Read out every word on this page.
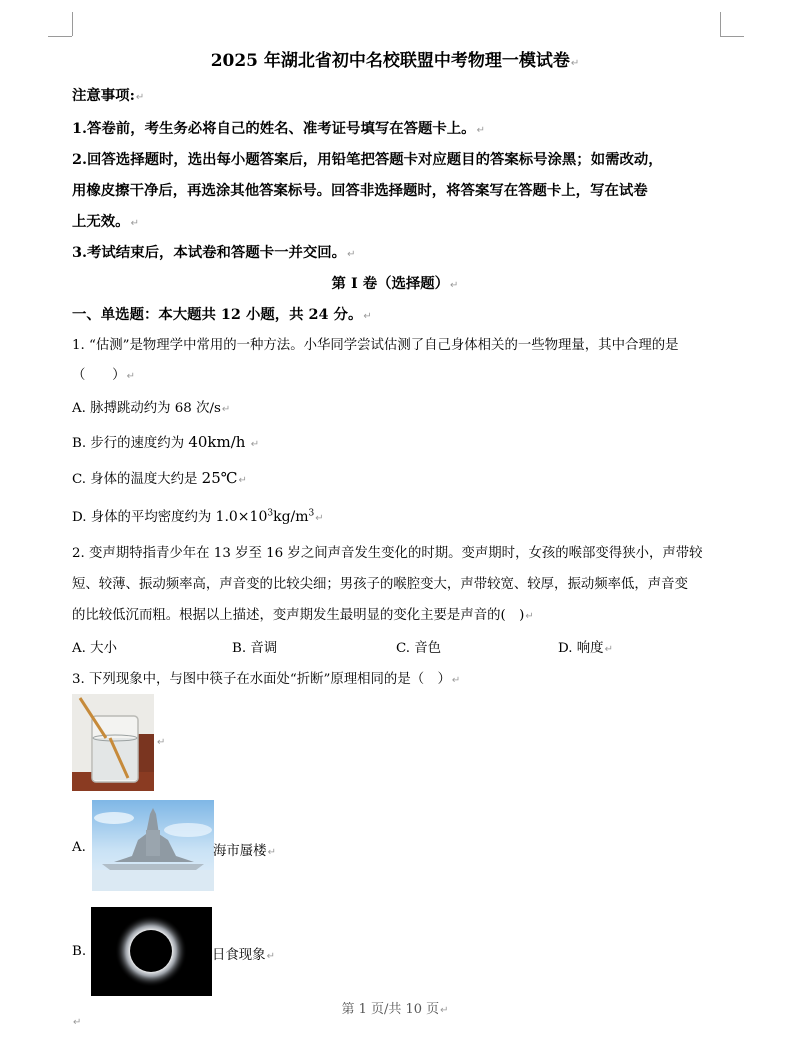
2025 年湖北省初中名校联盟中考物理一模试卷↵
注意事项:↵
1.答卷前，考生务必将自己的姓名、准考证号填写在答题卡上。↵
2.回答选择题时，选出每小题答案后，用铅笔把答题卡对应题目的答案标号涂黑；如需改动，
用橡皮擦干净后，再选涂其他答案标号。回答非选择题时，将答案写在答题卡上，写在试卷
上无效。↵
3.考试结束后，本试卷和答题卡一并交回。↵
第 I 卷（选择题）↵
一、单选题：本大题共 12 小题，共 24 分。↵
1. “估测”是物理学中常用的一种方法。小华同学尝试估测了自己身体相关的一些物理量，其中合理的是
（　　）↵
A. 脉搏跳动约为 68 次/s↵
B. 步行的速度约为 40km/h ↵
C. 身体的温度大约是 25℃↵
D. 身体的平均密度约为 $1.0\times 10^3kg/m^3↵$
2. 变声期特指青少年在 13 岁至 16 岁之间声音发生变化的时期。变声期时，女孩的喉部变得狭小，声带较
短、较薄、振动频率高，声音变的比较尖细；男孩子的喉腔变大，声带较宽、较厚，振动频率低，声音变
的比较低沉而粗。根据以上描述，变声期发生最明显的变化主要是声音的(　)↵
A. 大小	B. 音调	C. 音色	D. 响度↵
3. 下列现象中，与图中筷子在水面处“折断”原理相同的是（　）↵
↵
A.	海市蜃楼↵
B.	日食现象↵
第 1 页/共 10 页↵
↵
